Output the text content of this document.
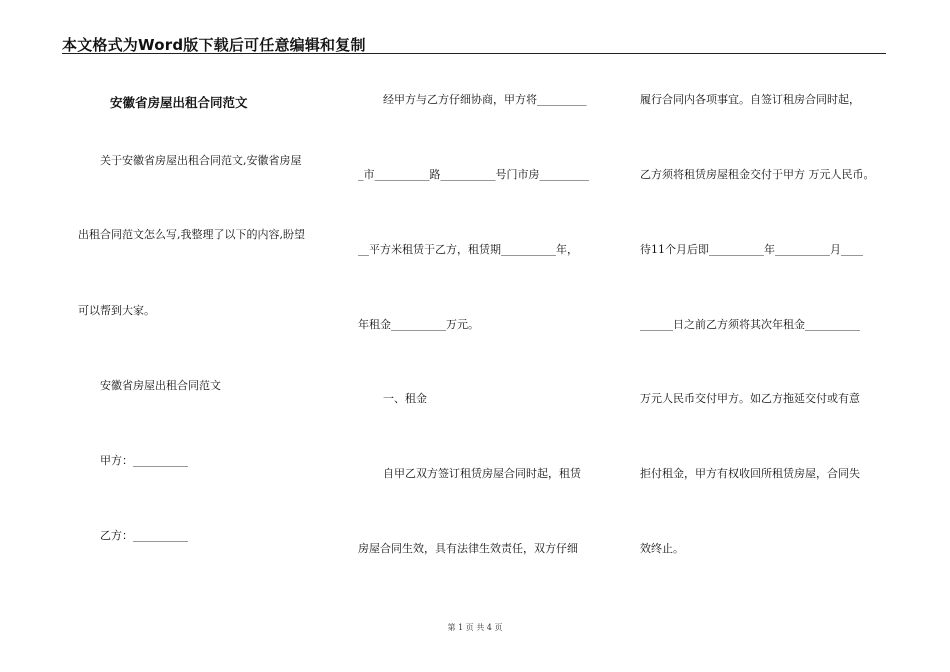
本文格式为Word版下载后可任意编辑和复制
安徽省房屋出租合同范文
关于安徽省房屋出租合同范文,安徽省房屋
出租合同范文怎么写,我整理了以下的内容,盼望
可以帮到大家。
安徽省房屋出租合同范文
甲方：__________
乙方：__________
经甲方与乙方仔细协商，甲方将_________
_市__________路__________号门市房_________
__平方米租赁于乙方，租赁期__________年，
年租金__________万元。
一、租金
自甲乙双方签订租赁房屋合同时起，租赁
房屋合同生效，具有法律生效责任，双方仔细
履行合同内各项事宜。自签订租房合同时起，
乙方须将租赁房屋租金交付于甲方 万元人民币。
待11个月后即__________年__________月____
______日之前乙方须将其次年租金__________
万元人民币交付甲方。如乙方拖延交付或有意
拒付租金，甲方有权收回所租赁房屋，合同失
效终止。
第 1 页 共 4 页
